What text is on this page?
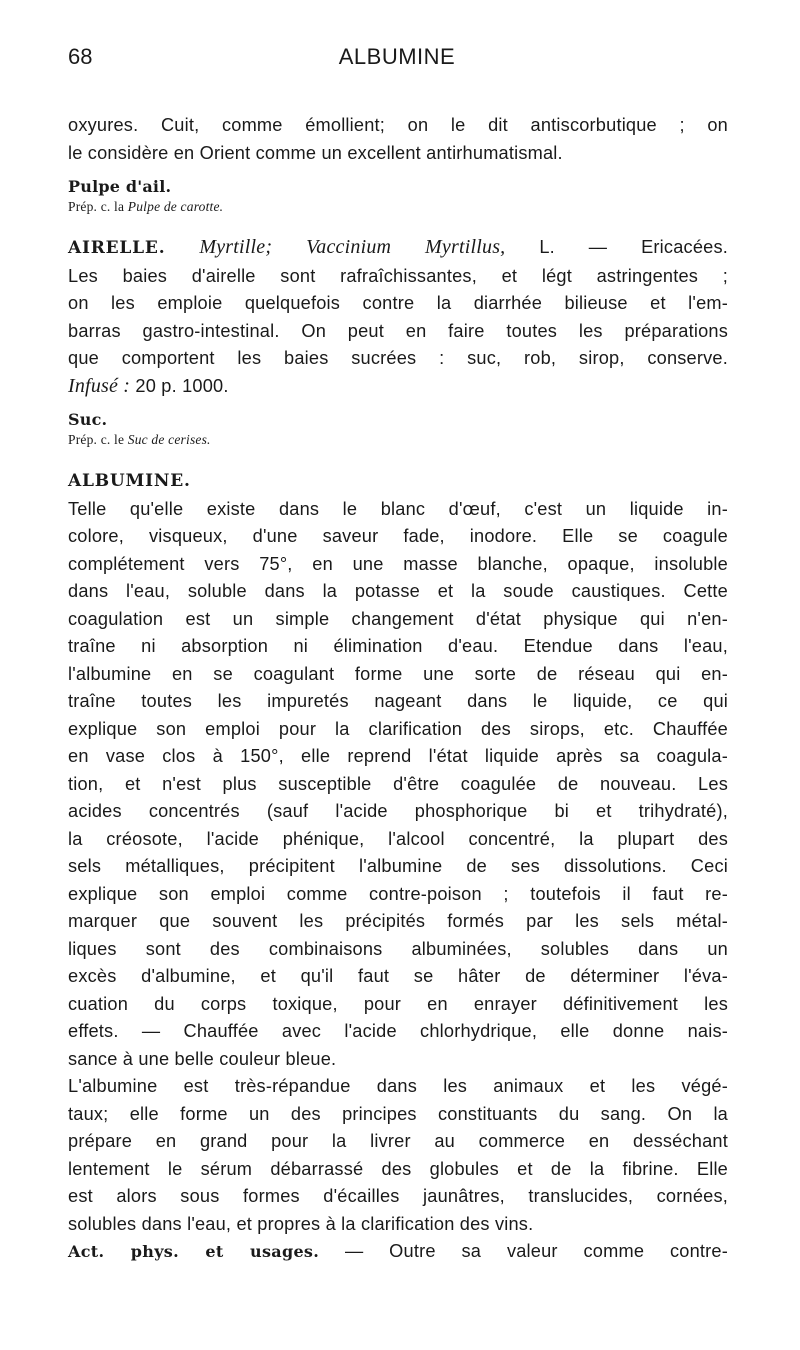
68	ALBUMINE

oxyures. Cuit, comme émollient; on le dit antiscorbutique ; on
le considère en Orient comme un excellent antirhumatismal.

Pulpe d'ail.

Prép. c. la Pulpe de carotte.

AIRELLE. Myrtille; Vaccinium Myrtillus, L. — Ericacées.
Les baies d'airelle sont rafraîchissantes, et légt astringentes ;
on les emploie quelquefois contre la diarrhée bilieuse et l'em-
barras gastro-intestinal. On peut en faire toutes les préparations
que comportent les baies sucrées : suc, rob, sirop, conserve.
Infusé : 20 p. 1000.

Suc.

Prép. c. le Suc de cerises.

ALBUMINE.

Telle qu'elle existe dans le blanc d'œuf, c'est un liquide in-
colore, visqueux, d'une saveur fade, inodore. Elle se coagule
complétement vers 75°, en une masse blanche, opaque, insoluble
dans l'eau, soluble dans la potasse et la soude caustiques. Cette
coagulation est un simple changement d'état physique qui n'en-
traîne ni absorption ni élimination d'eau. Etendue dans l'eau,
l'albumine en se coagulant forme une sorte de réseau qui en-
traîne toutes les impuretés nageant dans le liquide, ce qui
explique son emploi pour la clarification des sirops, etc. Chauffée
en vase clos à 150°, elle reprend l'état liquide après sa coagula-
tion, et n'est plus susceptible d'être coagulée de nouveau. Les
acides concentrés (sauf l'acide phosphorique bi et trihydraté),
la créosote, l'acide phénique, l'alcool concentré, la plupart des
sels métalliques, précipitent l'albumine de ses dissolutions. Ceci
explique son emploi comme contre-poison ; toutefois il faut re-
marquer que souvent les précipités formés par les sels métal-
liques sont des combinaisons albuminées, solubles dans un
excès d'albumine, et qu'il faut se hâter de déterminer l'éva-
cuation du corps toxique, pour en enrayer définitivement les
effets. — Chauffée avec l'acide chlorhydrique, elle donne nais-
sance à une belle couleur bleue.

L'albumine est très-répandue dans les animaux et les végé-
taux; elle forme un des principes constituants du sang. On la
prépare en grand pour la livrer au commerce en desséchant
lentement le sérum débarrassé des globules et de la fibrine. Elle
est alors sous formes d'écailles jaunâtres, translucides, cornées,
solubles dans l'eau, et propres à la clarification des vins.

Act. phys. et usages. — Outre sa valeur comme contre-
